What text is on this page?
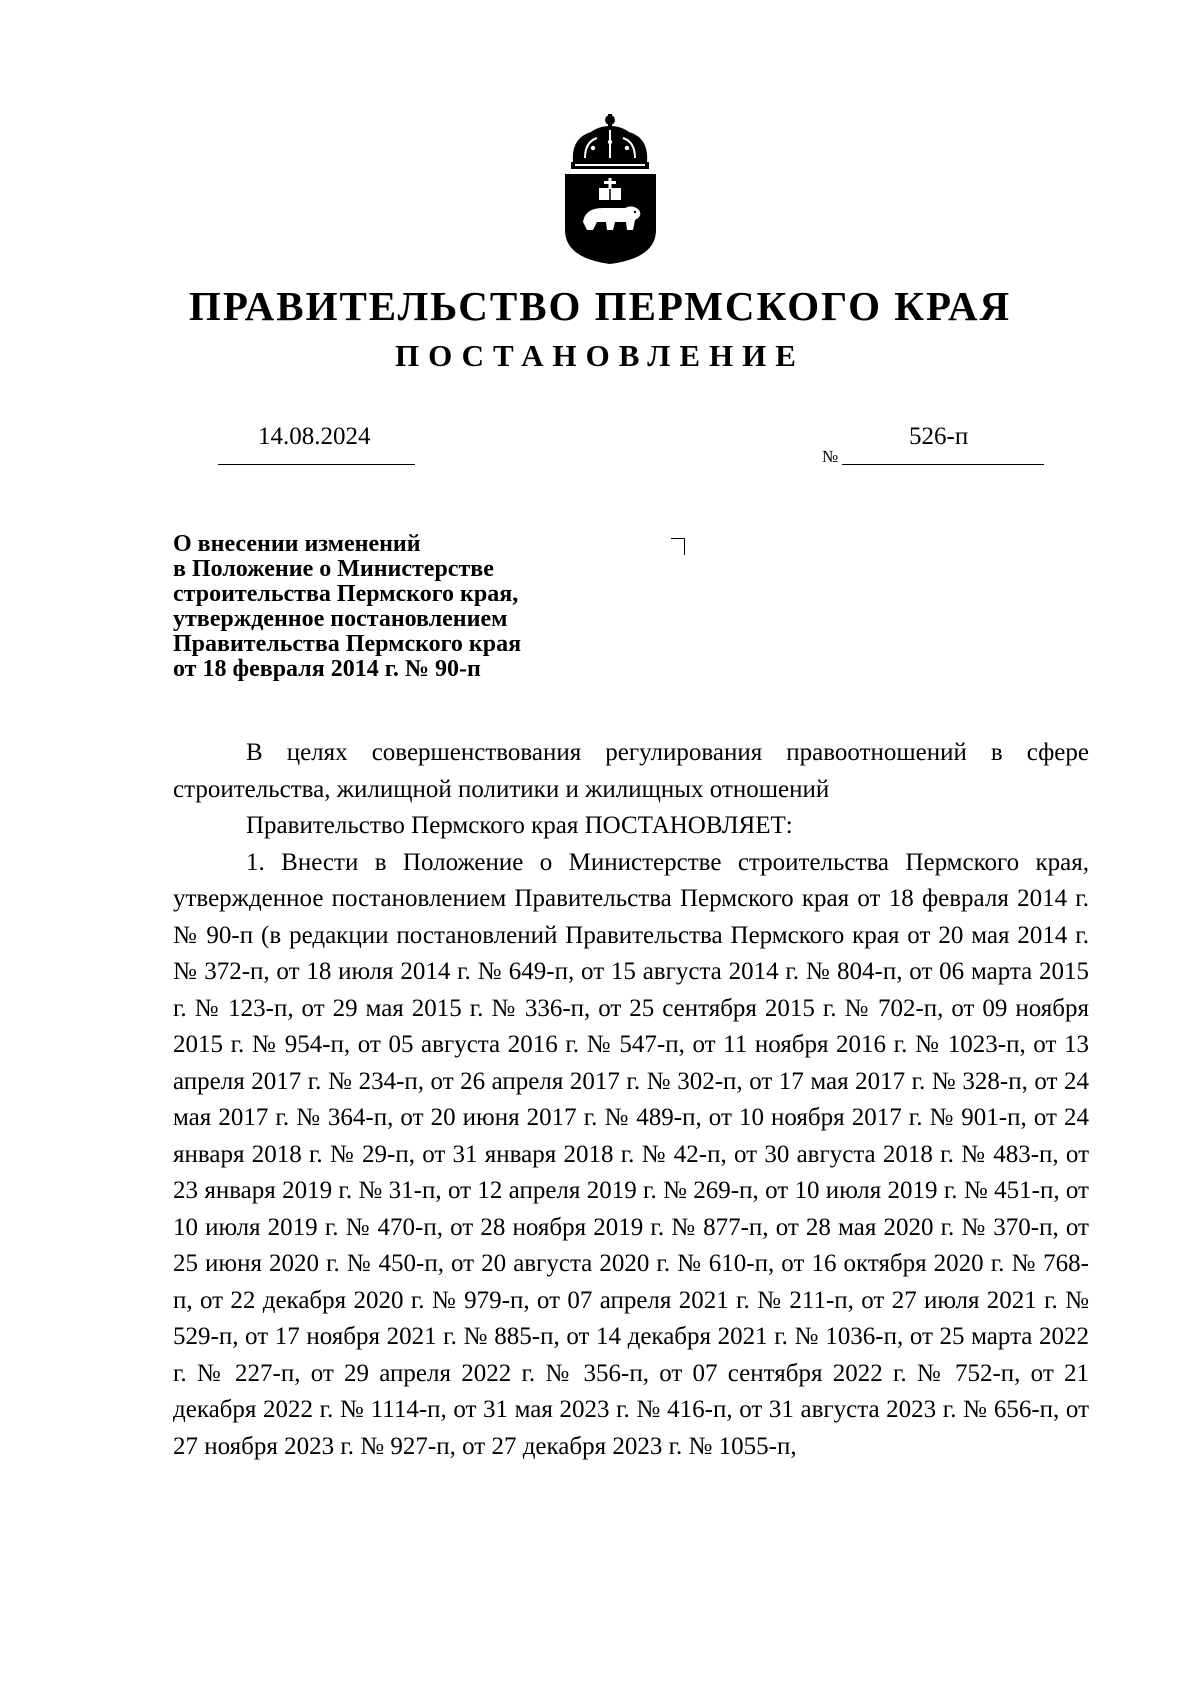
ПРАВИТЕЛЬСТВО ПЕРМСКОГО КРАЯ
ПОСТАНОВЛЕНИЕ
14.08.2024
№
526-п
О внесении изменений
в Положение о Министерстве
строительства Пермского края,
утвержденное постановлением
Правительства Пермского края
от 18 февраля 2014 г. № 90-п

В целях совершенствования регулирования правоотношений в сфере строительства, жилищной политики и жилищных отношений

Правительство Пермского края ПОСТАНОВЛЯЕТ:

1. Внести в Положение о Министерстве строительства Пермского края, утвержденное постановлением Правительства Пермского края от 18 февраля 2014 г. № 90-п (в редакции постановлений Правительства Пермского края от 20 мая 2014 г. № 372-п, от 18 июля 2014 г. № 649-п, от 15 августа 2014 г. № 804-п, от 06 марта 2015 г. № 123-п, от 29 мая 2015 г. № 336-п, от 25 сентября 2015 г. № 702-п, от 09 ноября 2015 г. № 954-п, от 05 августа 2016 г. № 547-п, от 11 ноября 2016 г. № 1023-п, от 13 апреля 2017 г. № 234-п, от 26 апреля 2017 г. № 302-п, от 17 мая 2017 г. № 328-п, от 24 мая 2017 г. № 364-п, от 20 июня 2017 г. № 489-п, от 10 ноября 2017 г. № 901-п, от 24 января 2018 г. № 29-п, от 31 января 2018 г. № 42-п, от 30 августа 2018 г. № 483-п, от 23 января 2019 г. № 31-п, от 12 апреля 2019 г. № 269-п, от 10 июля 2019 г. № 451-п, от 10 июля 2019 г. № 470-п, от 28 ноября 2019 г. № 877-п, от 28 мая 2020 г. № 370-п, от 25 июня 2020 г. № 450-п, от 20 августа 2020 г. № 610-п, от 16 октября 2020 г. № 768-п, от 22 декабря 2020 г. № 979-п, от 07 апреля 2021 г. № 211-п, от 27 июля 2021 г. № 529-п, от 17 ноября 2021 г. № 885-п, от 14 декабря 2021 г. № 1036-п, от 25 марта 2022 г. № 227-п, от 29 апреля 2022 г. № 356-п, от 07 сентября 2022 г. № 752-п, от 21 декабря 2022 г. № 1114-п, от 31 мая 2023 г. № 416-п, от 31 августа 2023 г. № 656-п, от 27 ноября 2023 г. № 927-п, от 27 декабря 2023 г. № 1055-п,
